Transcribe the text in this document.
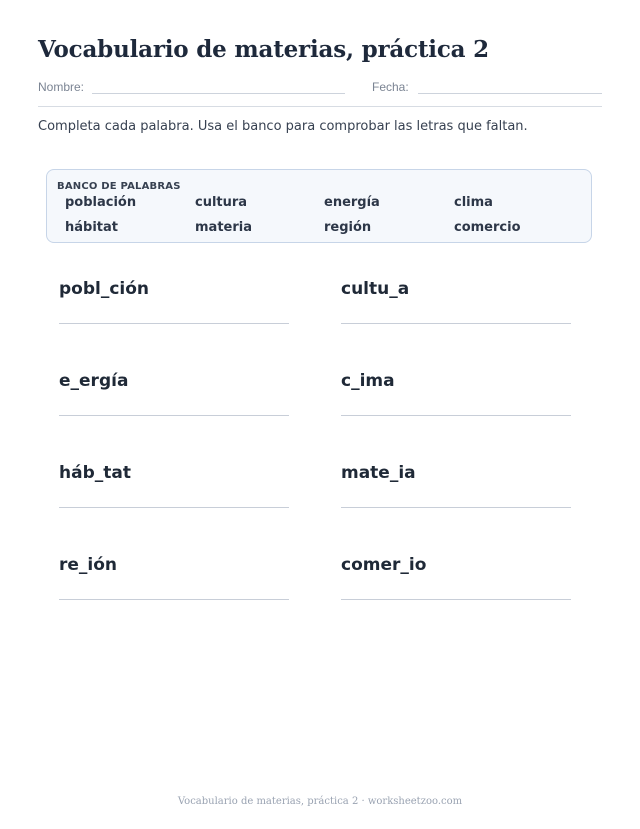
Vocabulario de materias, práctica 2
Nombre:	Fecha:
Completa cada palabra. Usa el banco para comprobar las letras que faltan.
BANCO DE PALABRAS
población	cultura	energía	clima
hábitat	materia	región	comercio
pobl_ción	cultu_a
e_ergía	c_ima
háb_tat	mate_ia
re_ión	comer_io
Vocabulario de materias, práctica 2 · worksheetzoo.com
